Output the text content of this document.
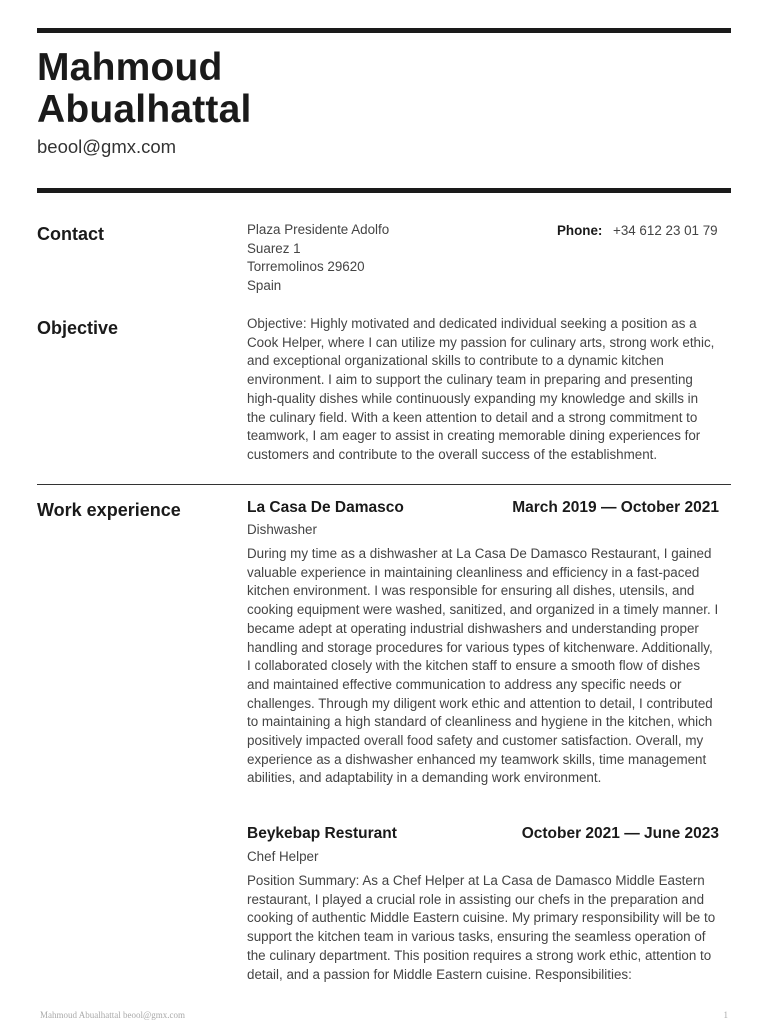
Mahmoud
Abualhattal
beool@gmx.com
Contact	Plaza Presidente Adolfo
Suarez 1
Torremolinos 29620
Spain
Phone: +34 612 23 01 79
Objective	Objective: Highly motivated and dedicated individual seeking a position as a Cook Helper, where I can utilize my passion for culinary arts, strong work ethic, and exceptional organizational skills to contribute to a dynamic kitchen environment. I aim to support the culinary team in preparing and presenting high-quality dishes while continuously expanding my knowledge and skills in the culinary field. With a keen attention to detail and a strong commitment to teamwork, I am eager to assist in creating memorable dining experiences for customers and contribute to the overall success of the establishment.
Work experience	La Casa De Damasco	March 2019 — October 2021
Dishwasher
During my time as a dishwasher at La Casa De Damasco Restaurant, I gained valuable experience in maintaining cleanliness and efficiency in a fast-paced kitchen environment. I was responsible for ensuring all dishes, utensils, and cooking equipment were washed, sanitized, and organized in a timely manner. I became adept at operating industrial dishwashers and understanding proper handling and storage procedures for various types of kitchenware. Additionally, I collaborated closely with the kitchen staff to ensure a smooth flow of dishes and maintained effective communication to address any specific needs or challenges. Through my diligent work ethic and attention to detail, I contributed to maintaining a high standard of cleanliness and hygiene in the kitchen, which positively impacted overall food safety and customer satisfaction. Overall, my experience as a dishwasher enhanced my teamwork skills, time management abilities, and adaptability in a demanding work environment.
Beykebap Resturant	October 2021 — June 2023
Chef Helper
Position Summary: As a Chef Helper at La Casa de Damasco Middle Eastern restaurant, I played a crucial role in assisting our chefs in the preparation and cooking of authentic Middle Eastern cuisine. My primary responsibility will be to support the kitchen team in various tasks, ensuring the seamless operation of the culinary department. This position requires a strong work ethic, attention to detail, and a passion for Middle Eastern cuisine. Responsibilities:
Mahmoud Abualhattal beool@gmx.com	1
